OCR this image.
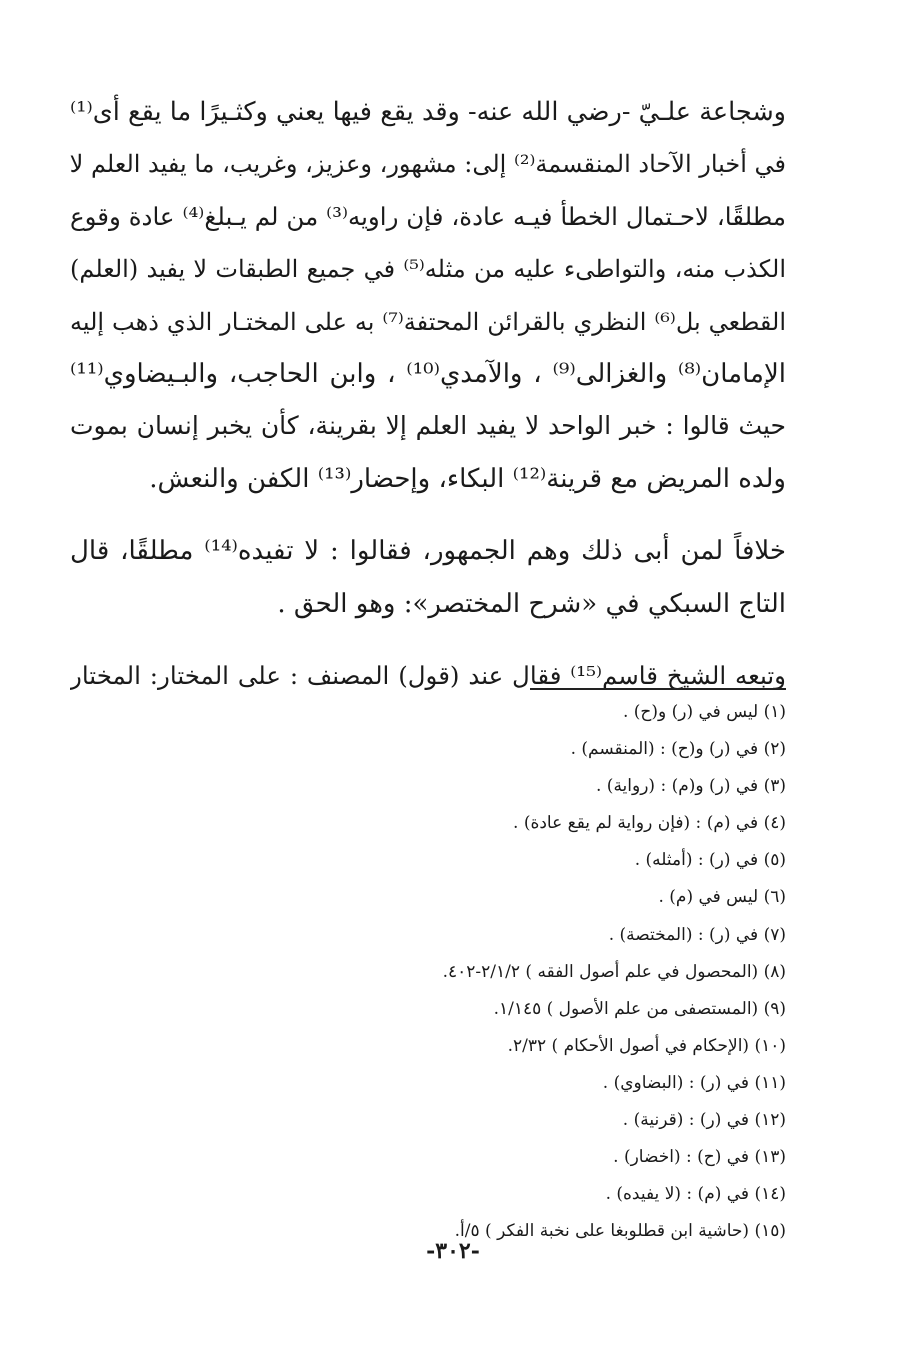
وشجاعة علـيّ -رضي الله عنه- وقد يقع فيها يعني وكثـيرًا ما يقع أى⁽¹⁾
في أخبار الآحاد المنقسمة⁽²⁾ إلى: مشهور، وعزيز، وغريب، ما يفيد العلم لا
مطلقًا، لاحـتمال الخطأ فيـه عادة، فإن راويه⁽³⁾ من لم يـبلغ⁽⁴⁾ عادة وقوع
الكذب منه، والتواطىء عليه من مثله⁽⁵⁾ في جميع الطبقات لا يفيد (العلم)
القطعي بل⁽⁶⁾ النظري بالقرائن المحتفة⁽⁷⁾ به على المختـار الذي ذهب إليه
الإمامان⁽⁸⁾ والغزالى⁽⁹⁾ ، والآمدي⁽¹⁰⁾ ، وابن الحاجب، والبـيضاوي⁽¹¹⁾
حيث قالوا : خبر الواحد لا يفيد العلم إلا بقرينة، كأن يخبر إنسان بموت
ولده المريض مع قرينة⁽¹²⁾ البكاء، وإحضار⁽¹³⁾ الكفن والنعش.
خلافاً لمن أبى ذلك وهم الجمهور، فقالوا : لا تفيده⁽¹⁴⁾ مطلقًا، قال
التاج السبكي في «شرح المختصر»: وهو الحق .
وتبعه الشيخ قاسم⁽¹⁵⁾ فقال عند (قول) المصنف : على المختار: المختار
(١) ليس في (ر) و(ح) .
(٢) في (ر) و(ح) : (المنقسم) .
(٣) في (ر) و(م) : (رواية) .
(٤) في (م) : (فإن رواية لم يقع عادة) .
(٥) في (ر) : (أمثله) .
(٦) ليس في (م) .
(٧) في (ر) : (المختصة) .
(٨) (المحصول في علم أصول الفقه ) ٢/١/٢-٤٠٢.
(٩) (المستصفى من علم الأصول ) ١/١٤٥.
(١٠) (الإحكام في أصول الأحكام ) ٢/٣٢.
(١١) في (ر) : (البضاوي) .
(١٢) في (ر) : (قرنية) .
(١٣) في (ح) : (اخضار) .
(١٤) في (م) : (لا يفيده) .
(١٥) (حاشية ابن قطلوبغا على نخبة الفكر ) ٥/أ.
-٣٠٢-
